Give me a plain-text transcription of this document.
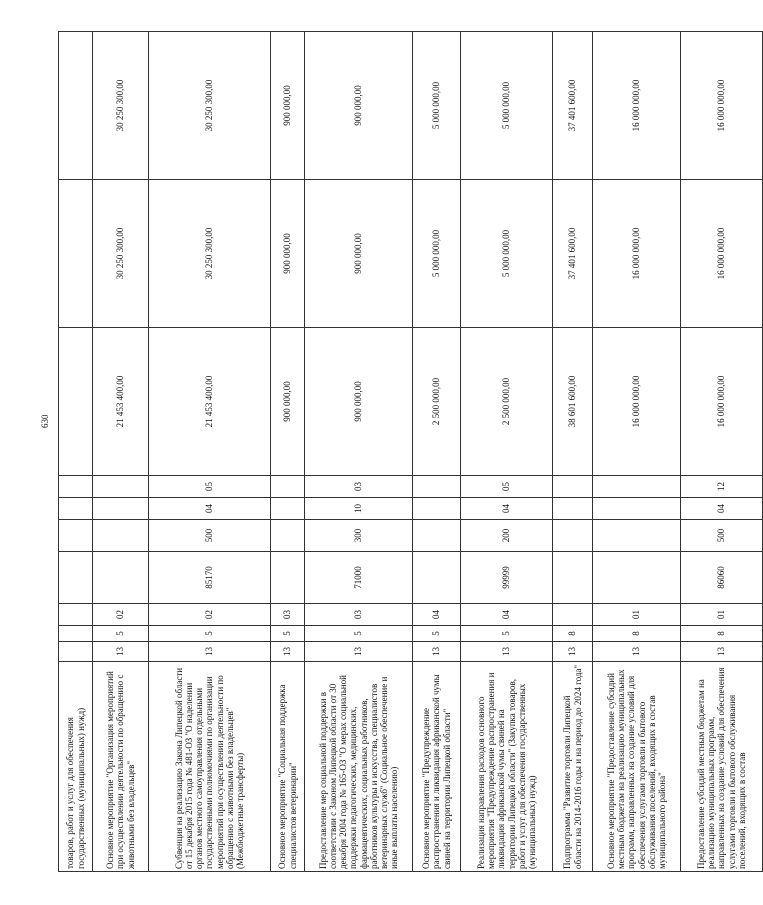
630
товаров, работ и услуг для обеспечения государственных (муниципальных) нужд)										
Основное мероприятие "Организация мероприятий при осуществлении деятельности по обращению с животными без владельцев"	13	5	02					21 453 400,00	30 250 300,00	30 250 300,00
Субвенция на реализацию Закона Липецкой области от 15 декабря 2015 года № 481-ОЗ "О наделении органов местного самоуправления отдельными государственными полномочиями по организации мероприятий при осуществлении деятельности по обращению с животными без владельцев" (Межбюджетные трансферты)	13	5	02	85170	500	04	05	21 453 400,00	30 250 300,00	30 250 300,00
Основное мероприятие "Социальная поддержка специалистов ветеринарии"	13	5	03					900 000,00	900 000,00	900 000,00
Предоставление мер социальной поддержки в соответствии с Законом Липецкой области от 30 декабря 2004 года № 165-ОЗ "О мерах социальной поддержки педагогических, медицинских, фармацевтических, социальных работников, работников культуры и искусства, специалистов ветеринарных служб" (Социальное обеспечение и иные выплаты населению)	13	5	03	71000	300	10	03	900 000,00	900 000,00	900 000,00
Основное мероприятие "Предупреждение распространения и ликвидация африканской чумы свиней на территории Липецкой области"	13	5	04					2 500 000,00	5 000 000,00	5 000 000,00
Реализация направления расходов основного мероприятия "Предупреждение распространения и ликвидация африканской чумы свиней на территории Липецкой области" (Закупка товаров, работ и услуг для обеспечения государственных (муниципальных) нужд)	13	5	04	99999	200	04	05	2 500 000,00	5 000 000,00	5 000 000,00
Подпрограмма "Развитие торговли Липецкой области на 2014-2016 годы и на период до 2024 года"	13	8						38 601 600,00	37 401 600,00	37 401 600,00
Основное мероприятие "Предоставление субсидий местным бюджетам на реализацию муниципальных программ, направленных на создание условий для обеспечения услугами торговли и бытового обслуживания поселений, входящих в состав муниципального района"	13	8	01					16 000 000,00	16 000 000,00	16 000 000,00
Предоставление субсидий местным бюджетам на реализацию муниципальных программ, направленных на создание условий для обеспечения услугами торговли и бытового обслуживания поселений, входящих в состав	13	8	01	86060	500	04	12	16 000 000,00	16 000 000,00	16 000 000,00
